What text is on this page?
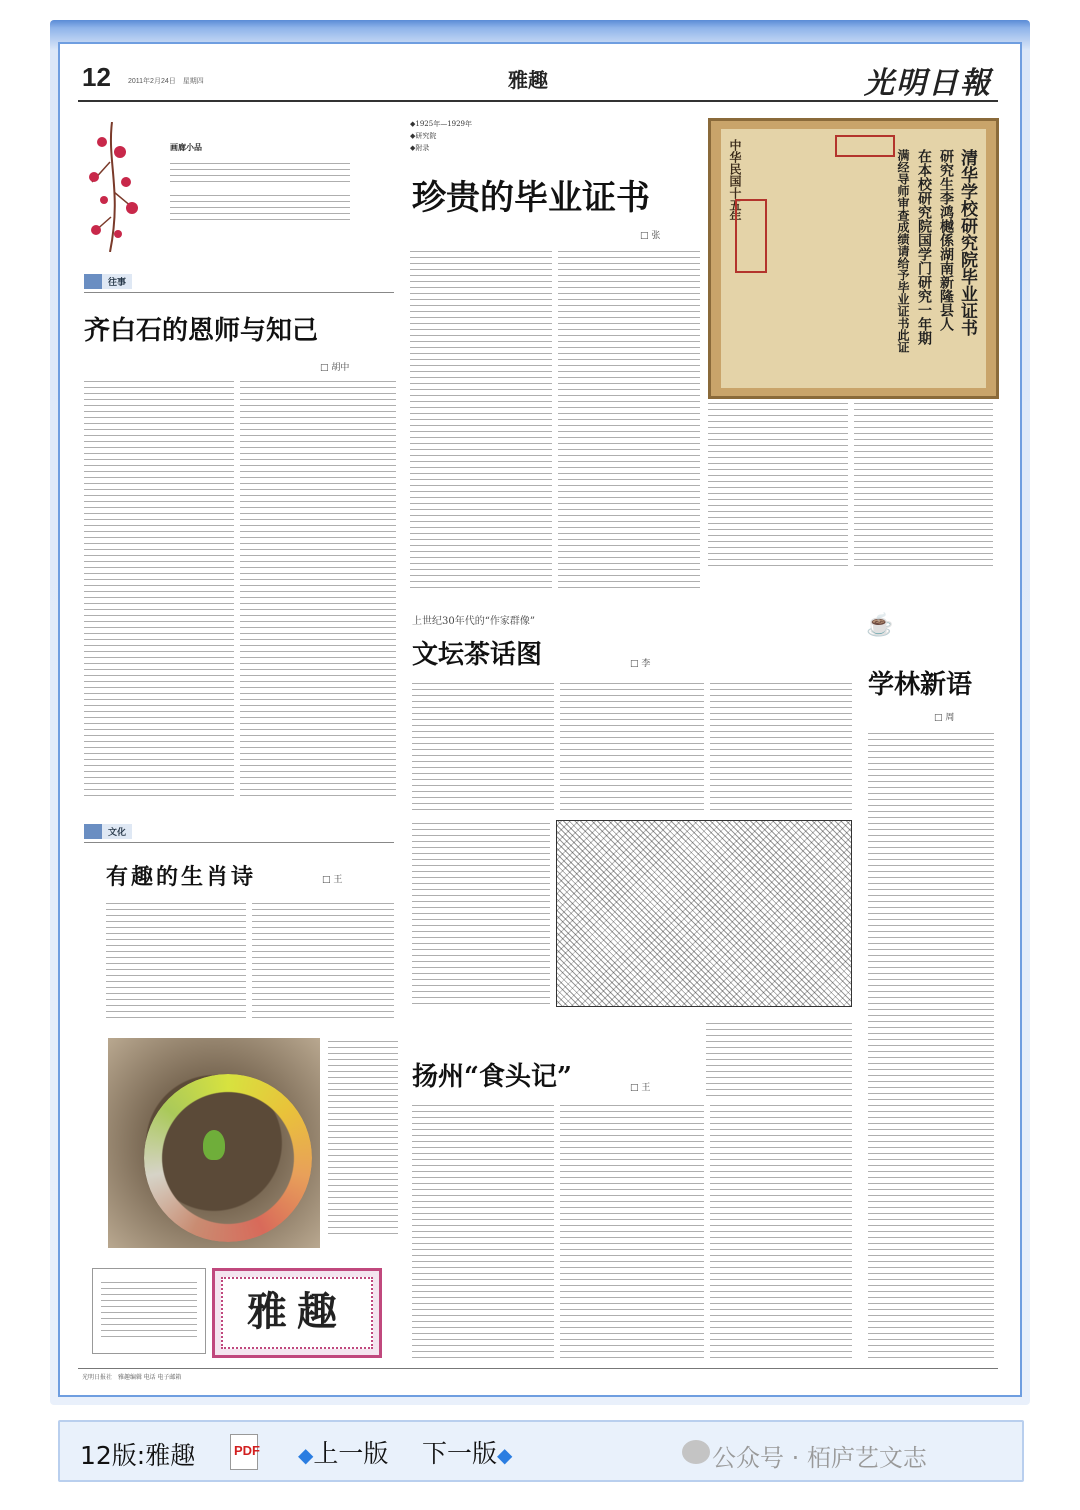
12 2011年2月24日　星期四	雅趣	光明日報
画廊小品
往事
齐白石的恩师与知己
□ 胡中
文化
有趣的生肖诗	□ 王
雅趣
◆1925年—1929年
◆研究院
◆附录
珍贵的毕业证书
□ 张	清华学校研究院毕业证书
研究生李鸿樾係湖南新隆县人
在本校研究院国学门研究一年期
满经导师审查成绩请给予毕业证书此证
中华民国十五年
上世纪30年代的“作家群像”
文坛茶话图	□ 李
☕
学林新语
□ 周
扬州“食头记”	□ 王
光明日报社　雅趣编辑 电话 电子邮箱
12版:雅趣	PDF ◆上一版 下一版◆	公众号 · 栢庐艺文志
